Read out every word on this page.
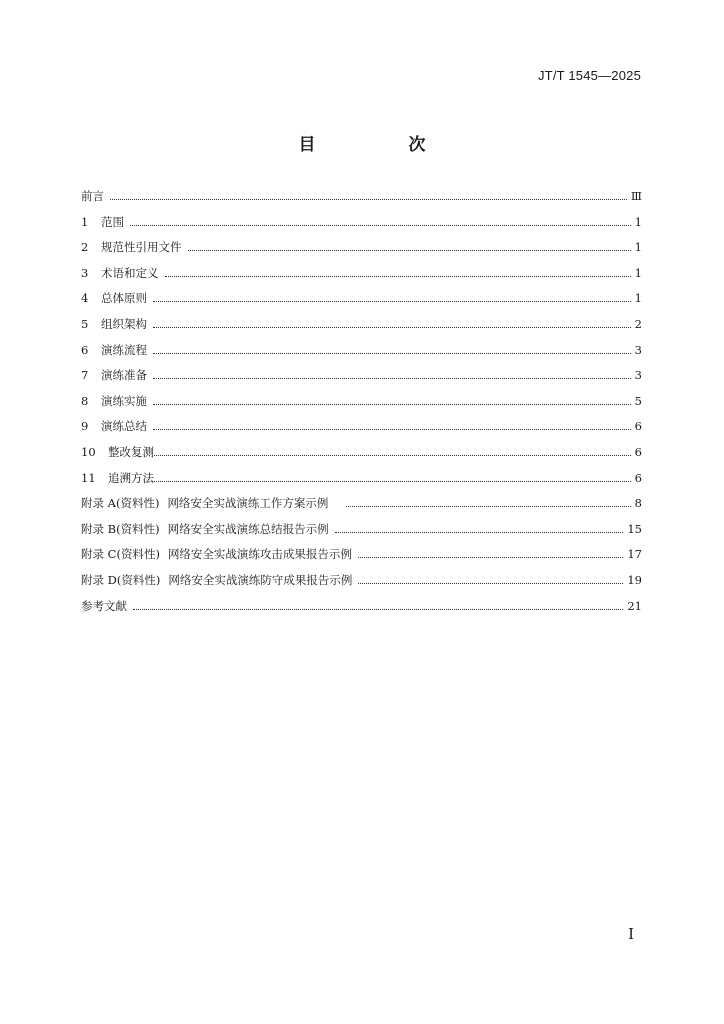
JT/T 1545—2025
目　次
前言	Ⅲ
1 范围	1
2 规范性引用文件	1
3 术语和定义	1
4 总体原则	1
5 组织架构	2
6 演练流程	3
7 演练准备	3
8 演练实施	5
9 演练总结	6
10 整改复测	6
11 追溯方法	6
附录 A(资料性) 网络安全实战演练工作方案示例	8
附录 B(资料性) 网络安全实战演练总结报告示例	15
附录 C(资料性) 网络安全实战演练攻击成果报告示例	17
附录 D(资料性) 网络安全实战演练防守成果报告示例	19
参考文献	21
I
